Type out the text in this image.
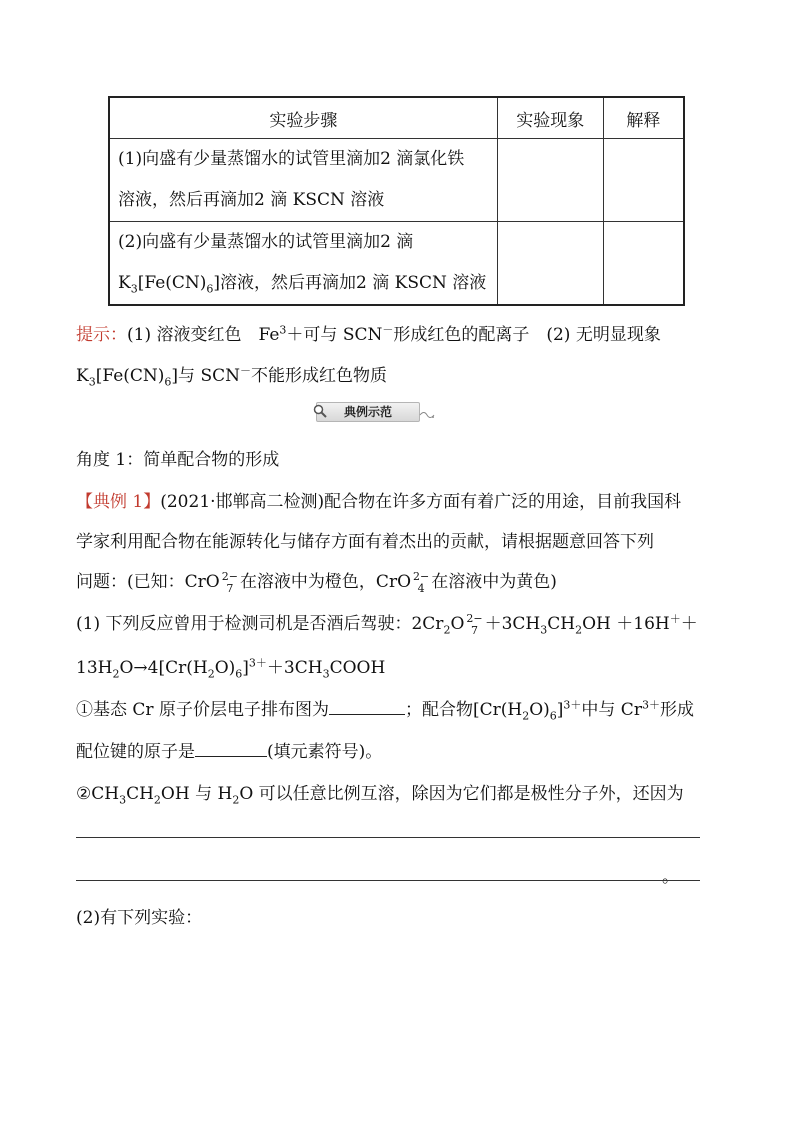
实验步骤	实验现象	解释

(1)向盛有少量蒸馏水的试管里滴加2 滴氯化铁
溶液，然后再滴加2 滴 KSCN 溶液		

(2)向盛有少量蒸馏水的试管里滴加2 滴
$K_3[Fe(CN)_6]$溶液，然后再滴加2 滴 KSCN 溶液		

提示：(1) 溶液变红色　$Fe^3+$可与 SCN－形成红色的配离子　(2) 无明显现象
$K_3[Fe(CN)_6]$与 SCN－不能形成红色物质
典例示范
角度 1：简单配合物的形成
【典例 1】(2021·邯郸高二检测)配合物在许多方面有着广泛的用途，目前我国科
学家利用配合物在能源转化与储存方面有着杰出的贡献，请根据题意回答下列
问题：(已知：CrO 2−
7 在溶液中为橙色，CrO 2−
4 在溶液中为黄色)
(1) 下列反应曾用于检测司机是否酒后驾驶：$2Cr_2O$ 2−
$7 +3CH_3CH_2OH +16H^++$
$13H_2O\to 4[Cr(H_2O)_6]^{3+}+3CH_3COOH$
①基态 Cr 原子价层电子排布图为	；配合物$[Cr(H_2O)_6]^{3+}$中与 $Cr^{3+}$形成
配位键的原子是	(填元素符号)。
$②CH_3CH_2OH$ 与 $H_2O$ 可以任意比例互溶，除因为它们都是极性分子外，还因为
。
(2)有下列实验：
